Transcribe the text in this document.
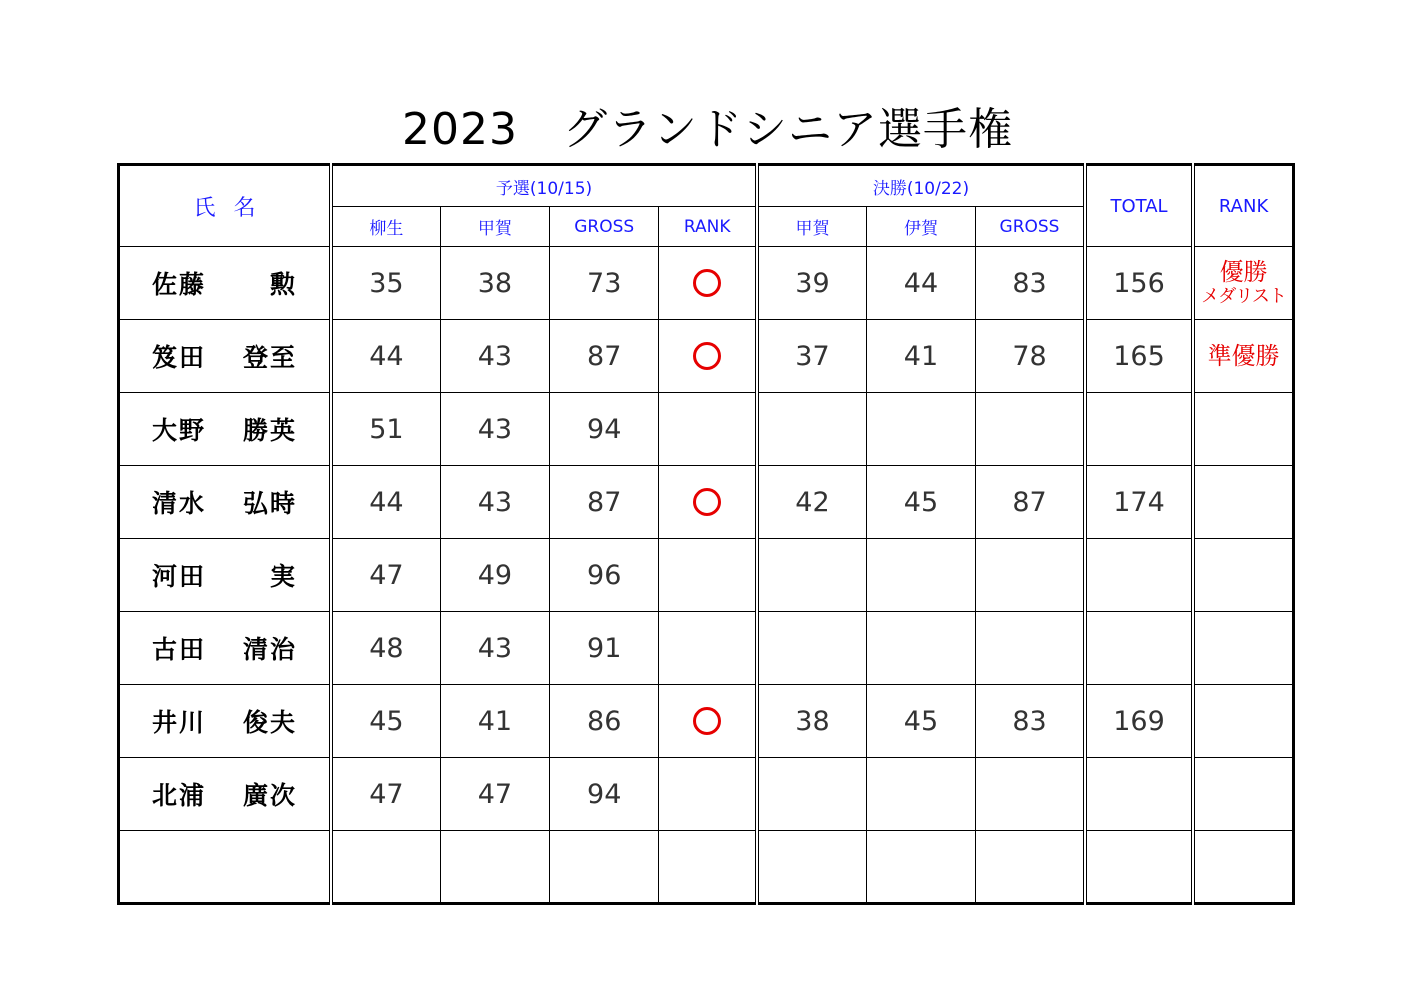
2023　グランドシニア選手権
氏名	予選(10/15)				決勝(10/22)			TOTAL	RANK
	柳生	甲賀	GROSS	RANK	甲賀	伊賀	GROSS		
佐藤 勲	35	38	73		39	44	83	156	優勝
メダリスト

笈田 登至	44	43	87		37	41	78	165	準優勝

大野 勝英	51	43	94						

清水 弘時	44	43	87		42	45	87	174	

河田 実	47	49	96						

古田 清治	48	43	91						

井川 俊夫	45	41	86		38	45	83	169	

北浦 廣次	47	47	94						
